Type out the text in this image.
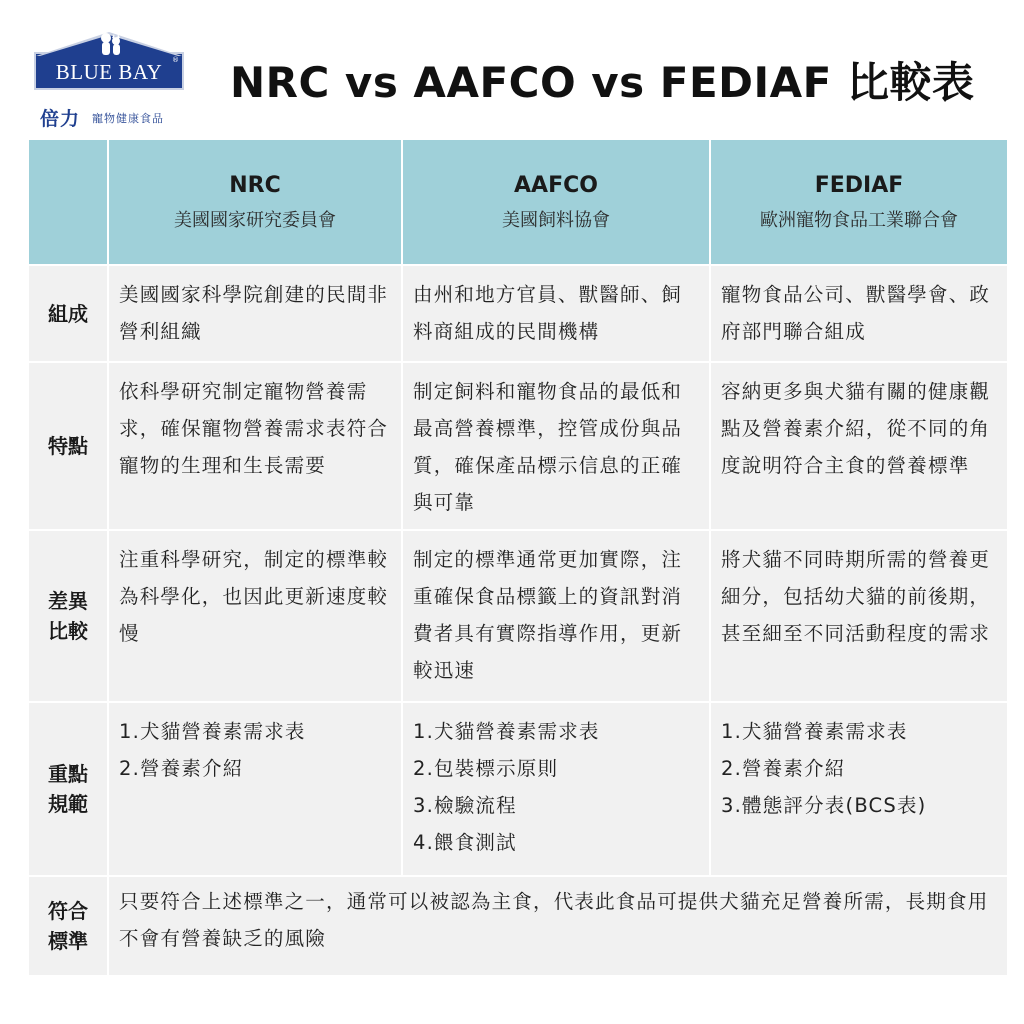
BLUE BAY	®
倍力 寵物健康食品
NRC vs AAFCO vs FEDIAF 比較表
NRC
美國國家研究委員會
AAFCO
美國飼料協會
FEDIAF
歐洲寵物食品工業聯合會
組成
美國國家科學院創建的民間非營利組織
由州和地方官員、獸醫師、飼料商組成的民間機構
寵物食品公司、獸醫學會、政府部門聯合組成
特點
依科學研究制定寵物營養需求，確保寵物營養需求表符合寵物的生理和生長需要
制定飼料和寵物食品的最低和最高營養標準，控管成份與品質，確保產品標示信息的正確與可靠
容納更多與犬貓有關的健康觀點及營養素介紹，從不同的角度說明符合主食的營養標準
差異比較
注重科學研究，制定的標準較為科學化，也因此更新速度較慢
制定的標準通常更加實際，注重確保食品標籤上的資訊對消費者具有實際指導作用，更新較迅速
將犬貓不同時期所需的營養更細分，包括幼犬貓的前後期，甚至細至不同活動程度的需求
重點規範
1.犬貓營養素需求表
2.營養素介紹
1.犬貓營養素需求表
2.包裝標示原則
3.檢驗流程
4.餵食測試
1.犬貓營養素需求表
2.營養素介紹
3.體態評分表(BCS表)
符合標準
只要符合上述標準之一，通常可以被認為主食，代表此食品可提供犬貓充足營養所需，長期食用不會有營養缺乏的風險
